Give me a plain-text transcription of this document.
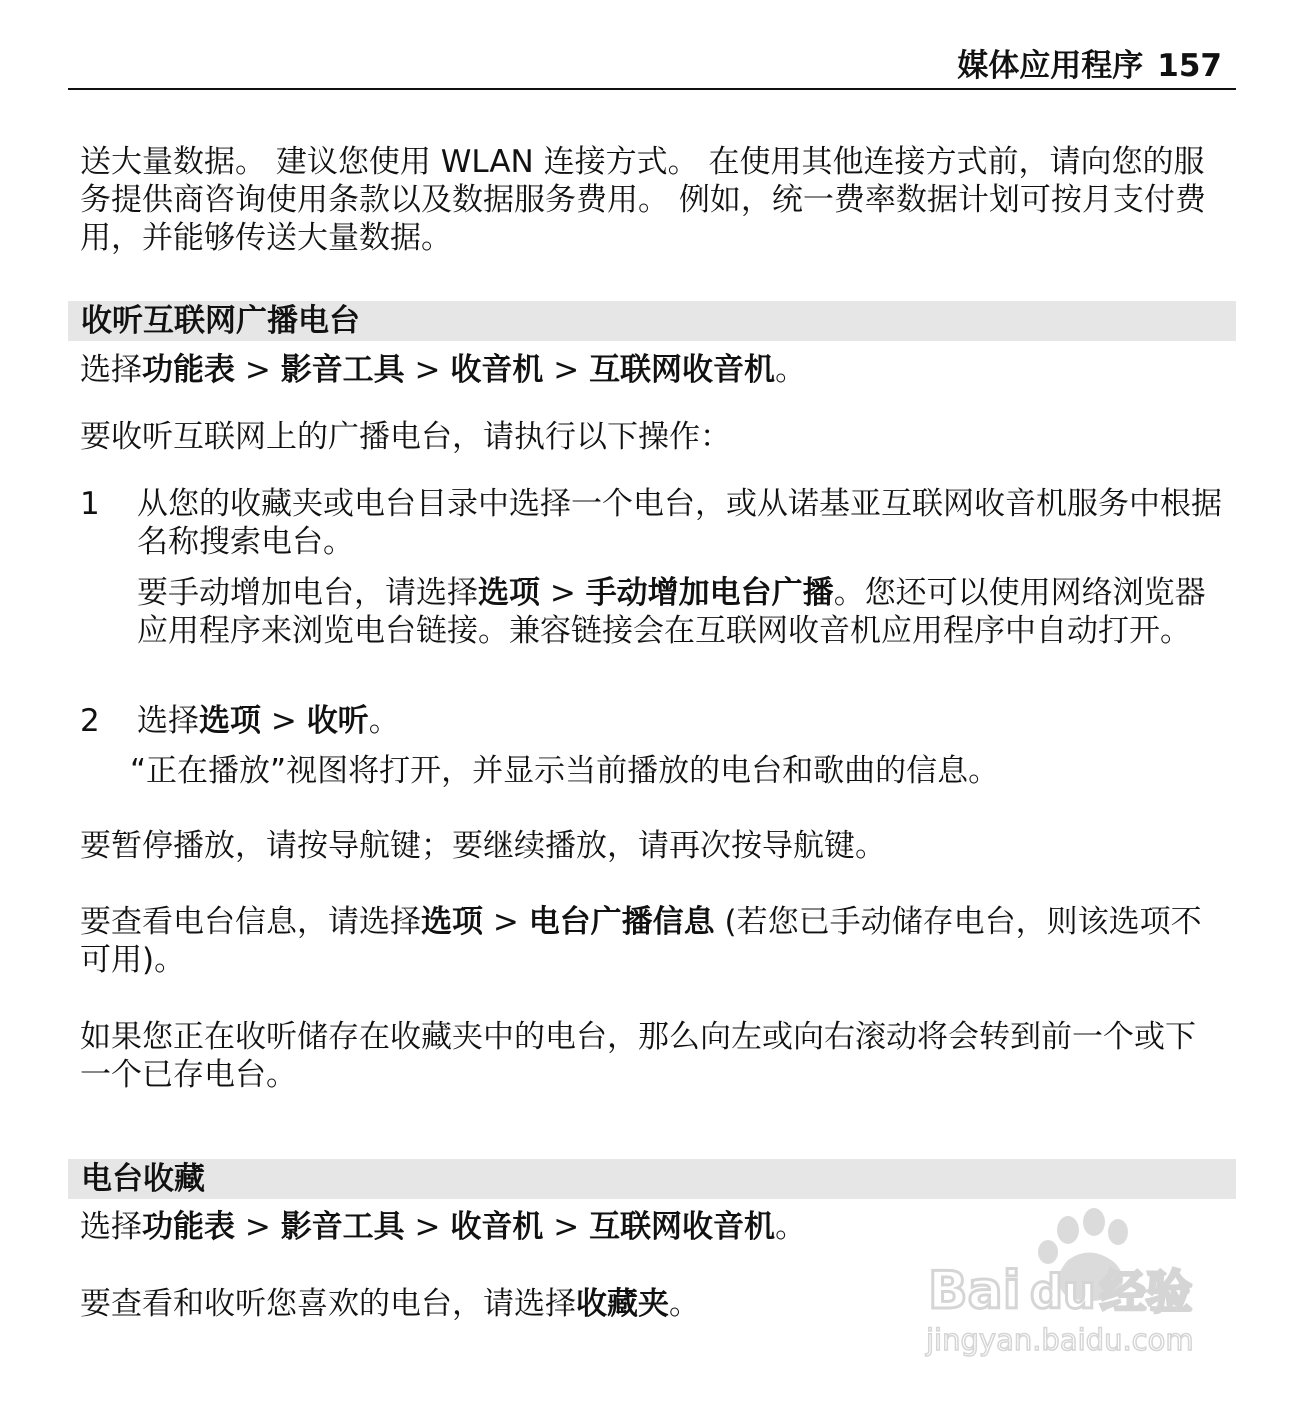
媒体应用程序 157

送大量数据。 建议您使用 WLAN 连接方式。 在使用其他连接方式前，请向您的服务提供商咨询使用条款以及数据服务费用。 例如，统一费率数据计划可按月支付费用，并能够传送大量数据。

收听互联网广播电台

选择功能表 > 影音工具 > 收音机 > 互联网收音机。

要收听互联网上的广播电台，请执行以下操作：

1 从您的收藏夹或电台目录中选择一个电台，或从诺基亚互联网收音机服务中根据名称搜索电台。

要手动增加电台，请选择选项 > 手动增加电台广播。您还可以使用网络浏览器应用程序来浏览电台链接。兼容链接会在互联网收音机应用程序中自动打开。

2 选择选项 > 收听。

“正在播放”视图将打开，并显示当前播放的电台和歌曲的信息。

要暂停播放，请按导航键；要继续播放，请再次按导航键。

要查看电台信息，请选择选项 > 电台广播信息 (若您已手动储存电台，则该选项不可用)。

如果您正在收听储存在收藏夹中的电台，那么向左或向右滚动将会转到前一个或下一个已存电台。

电台收藏

选择功能表 > 影音工具 > 收音机 > 互联网收音机。

要查看和收听您喜欢的电台，请选择收藏夹。	Bai du 经验
jingyan.baidu.com
